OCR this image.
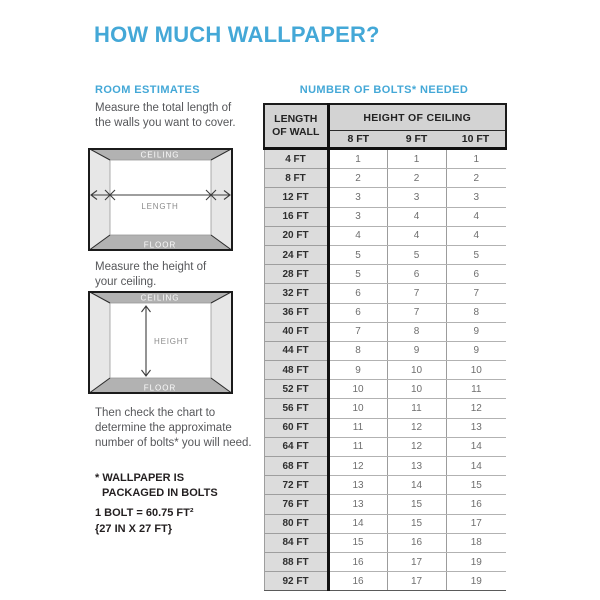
HOW MUCH WALLPAPER?
ROOM ESTIMATES
Measure the total length of
the walls you want to cover.
CEILING
FLOOR
LENGTH
Measure the height of
your ceiling.
CEILING
FLOOR
HEIGHT
Then check the chart to
determine the approximate
number of bolts* you will need.
* WALLPAPER IS
PACKAGED IN BOLTS
1 BOLT = 60.75 FT²
{27 IN X 27 FT}
NUMBER OF BOLTS* NEEDED
LENGTH
OF WALL	HEIGHT OF CEILING		
	8 FT	9 FT	10 FT
4 FT	1	1	1
8 FT	2	2	2
12 FT	3	3	3
16 FT	3	4	4
20 FT	4	4	4
24 FT	5	5	5
28 FT	5	6	6
32 FT	6	7	7
36 FT	6	7	8
40 FT	7	8	9
44 FT	8	9	9
48 FT	9	10	10
52 FT	10	10	11
56 FT	10	11	12
60 FT	11	12	13
64 FT	11	12	14
68 FT	12	13	14
72 FT	13	14	15
76 FT	13	15	16
80 FT	14	15	17
84 FT	15	16	18
88 FT	16	17	19
92 FT	16	17	19
